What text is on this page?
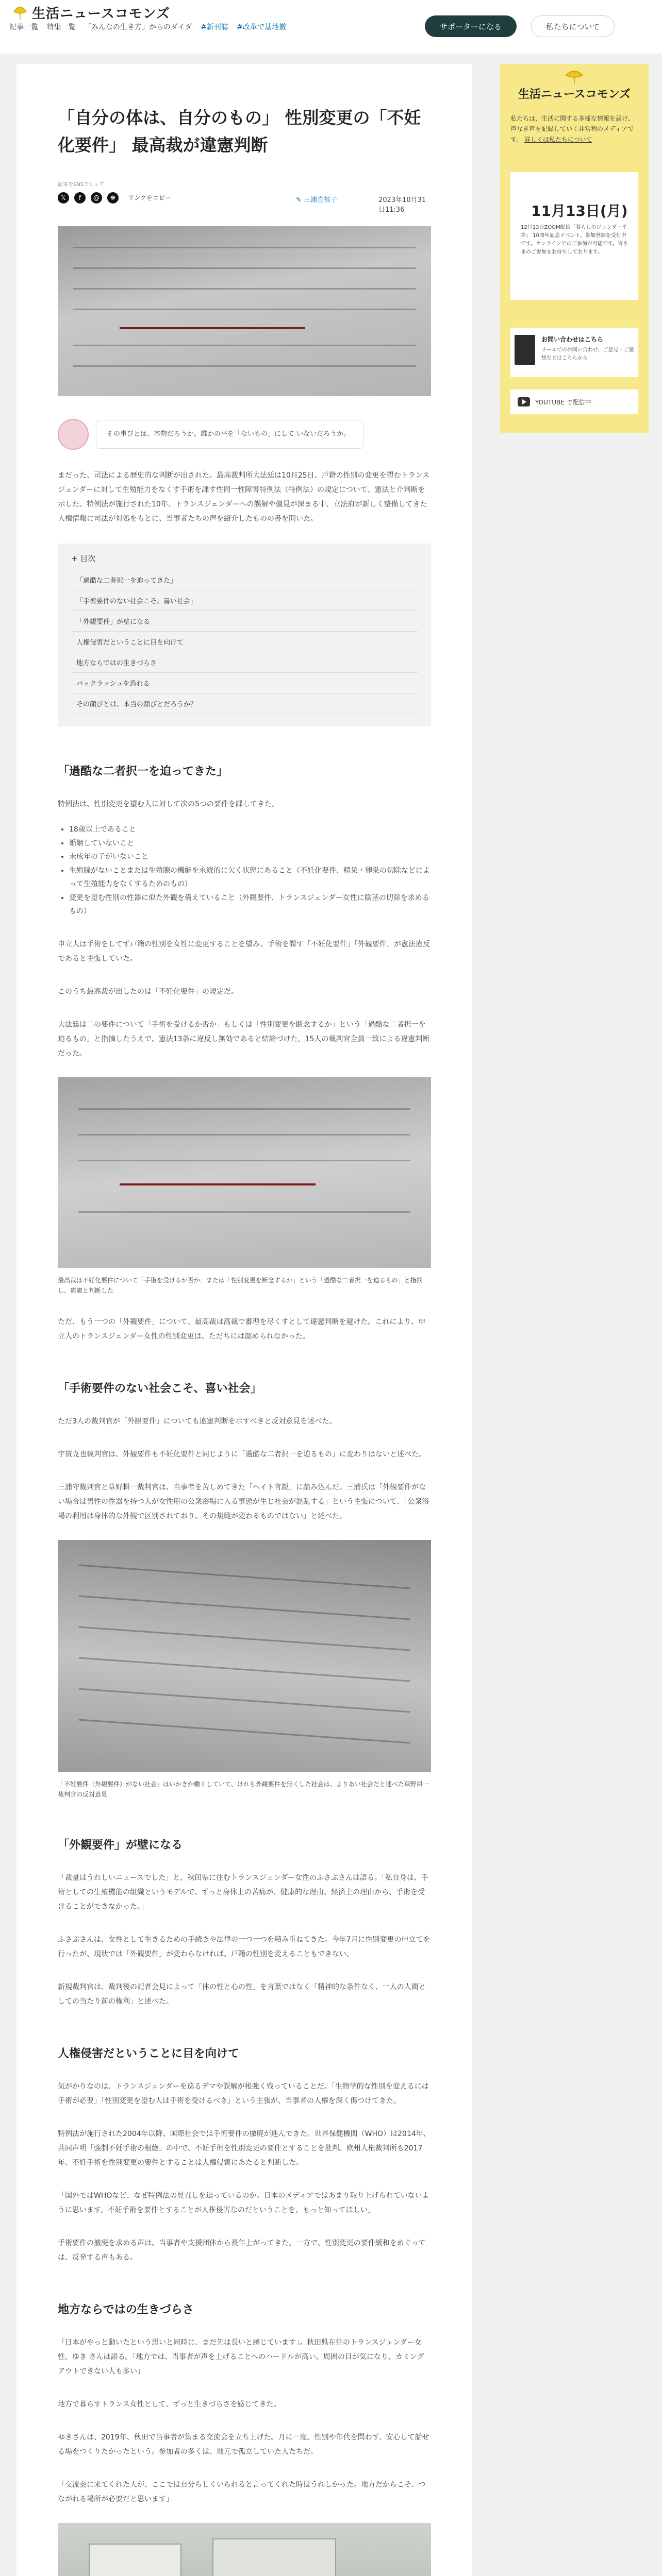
生活ニュースコモンズ
記事一覧 特集一覧 「みんなの生き方」からのダイダ #新刊誌 #改革で基地撤	サポーターになる	私たちについて
「自分の体は、自分のもの」 性別変更の「不妊化要件」 最高裁が違憲判断
記事をSNSでシェア
𝕏	f	@	❋	リンクをコピー	✎ 三浦直郁子	2023年10月31日11:36
その事びとは、本物だろうか。誰かの平を「ないもの」にして いないだろうか。

まだった、司法による歴史的な判断が出された。最高裁判所大法廷は10月25日、戸籍の性別の変更を望むトランスジェンダーに対して生殖能力をなくす手術を課す性同一性障害特例法（特例法）の規定について、憲法と介判断を示した。特例法が施行された10年、トランスジェンダーへの誤解や偏見が深まる中、立法府が新しく整備してきた人権情報に司法が対処をもとに、当事者たちの声を紹介したものの書を開いた。

+ 目次
「過酷な二者択一を迫ってきた」
「手術要件のない社会こそ、喜い社会」
「外観要件」が壁になる
人権侵害だということに目を向けて
地方ならではの生きづらさ
バックラッシュを恐れる
その顔びとは、本当の顔びとだろうか？
「過酷な二者択一を迫ってきた」

特例法は、性別変更を望む人に対して次の5つの要件を課してきた。

• 18歳以上であること
• 婚姻していないこと
• 未成年の子がいないこと
• 生殖腺がないことまたは生殖腺の機能を永続的に欠く状態にあること（不妊化要件、精巣・卵巣の切除などによって生殖能力をなくするためのもの）
• 変更を望む性別の性器に似た外観を備えていること（外観要件、トランスジェンダー女性に陰茎の切除を求めるもの）

申立人は手術をしてず戸籍の性別を女性に変更することを望み、手術を課す「不妊化要件」「外観要件」が憲法違反であると主張していた。

このうち最高裁が出したのは「不妊化要件」の規定だ。

大法廷は二の要件について「手術を受けるか否か」もしくは「性別変更を断念するか」という「過酷な二者択一を迫るもの」と指摘したうえで、憲法13条に違反し無効であると結論づけた。15人の裁判官全員一致による違憲判断だった。

最高裁は不妊化要件について「手術を受けるか否か」または「性別変更を断念するか」という「過酷な二者択一を迫るもの」と指摘し、違憲と判断した

ただ、もう一つの「外観要件」について、最高裁は高裁で審理を尽くすとして違憲判断を避けた。これにより、申立人のトランスジェンダー女性の性別変更は、ただちには認められなかった。

「手術要件のない社会こそ、喜い社会」

ただ3人の裁判官が「外観要件」についても違憲判断を示すべきと反対意見を述べた。

宇賀克也裁判官は、外観要件も不妊化要件と同じように「過酷な二者択一を迫るもの」に変わりはないと述べた。

三浦守裁判官と草野耕一裁判官は、当事者を苦しめてきた「ヘイト言説」に踏み込んだ。三浦氏は「外観要件がない場合は男性の性器を持つ人が女性用の公衆浴場に入る事態が生じ社会が混乱する」という主張について、「公衆浴場の利用は身体的な外観で区別されており、その規範が変わるものではない」と述べた。

「不妊要件（外観要件）がない社会」はいかきか働くしていて、けれも外観要件を無くした社会は、よりあい社会だと述べた草野耕一裁判官の反対意見

「外観要件」が壁になる

「裁量はうれしいニュースでした」と、秋田県に住むトランスジェンダー女性のふさぶさんは語る。「私自身は、手術としての生殖機能の組織というモデルで、ずっと身体上の苦痛が、健康的な理由、経済上の理由から、手術を受けることができなかった。」

ふさぶさんは、女性として生きるための手続きや法律の一つ一つを積み重ねてきた。今年7月に性別変更の申立てを行ったが、現状では「外観要件」が変わらなければ、戸籍の性別を変えることもできない。

新規裁判官は、裁判後の記者会見によって「体の性と心の性」を言葉ではなく「精神的な条件なく、一人の人間としての当たり前の権利」と述べた。

人権侵害だということに目を向けて

気がかりなのは、トランスジェンダーを巡るデマや誤解が根強く残っていることだ。「生物学的な性別を変えるには手術が必要」「性別変更を望む人は手術を受けるべき」という主張が、当事者の人権を深く傷つけてきた。

特例法が施行された2004年以降、国際社会では手術要件の撤廃が進んできた。世界保健機関（WHO）は2014年、共同声明「強制不妊手術の根絶」の中で、不妊手術を性別変更の要件とすることを批判。欧州人権裁判所も2017年、不妊手術を性別変更の要件とすることは人権侵害にあたると判断した。

「国外ではWHOなど、なぜ特例法の見直しを迫っているのか。日本のメディアではあまり取り上げられていないように思います。不妊手術を要件とすることが人権侵害なのだということを、もっと知ってほしい」

手術要件の撤廃を求める声は、当事者や支援団体から長年上がってきた。一方で、性別変更の要件緩和をめぐっては、反発する声もある。

地方ならではの生きづらさ

「日本がやっと動いたという思いと同時に、まだ先は長いと感じています」。秋田県在住のトランスジェンダー女性、ゆき さんは語る。「地方では、当事者が声を上げることへのハードルが高い。周囲の目が気になり、カミングアウトできない人も多い」

地方で暮らすトランス女性として、ずっと生きづらさを感じてきた。

ゆきさんは、2019年、秋田で当事者が集まる交流会を立ち上げた。月に一度、性別や年代を問わず、安心して話せる場をつくりたかったという。参加者の多くは、地元で孤立していた人たちだ。

「交流会に来てくれた人が、ここでは自分らしくいられると言ってくれた時はうれしかった。地方だからこそ、つながれる場所が必要だと思います」

生活ニュースコモンズ
私たちは、生活に関する多様な情報を届け、声なき声を記録していく非営利のメディアです。 詳しくは私たちについて
11月13日(月)
12月13日ZOOM配信「暮らしのジェンダー平等」 10周年記念イベント。参加登録を受付中です。オンラインでのご参加が可能です。皆さまのご参加をお待ちしております。
お問い合わせはこちら
メールでのお問い合わせ、ご意見・ご感想などはこちらから
YOUTUBE で配信中
